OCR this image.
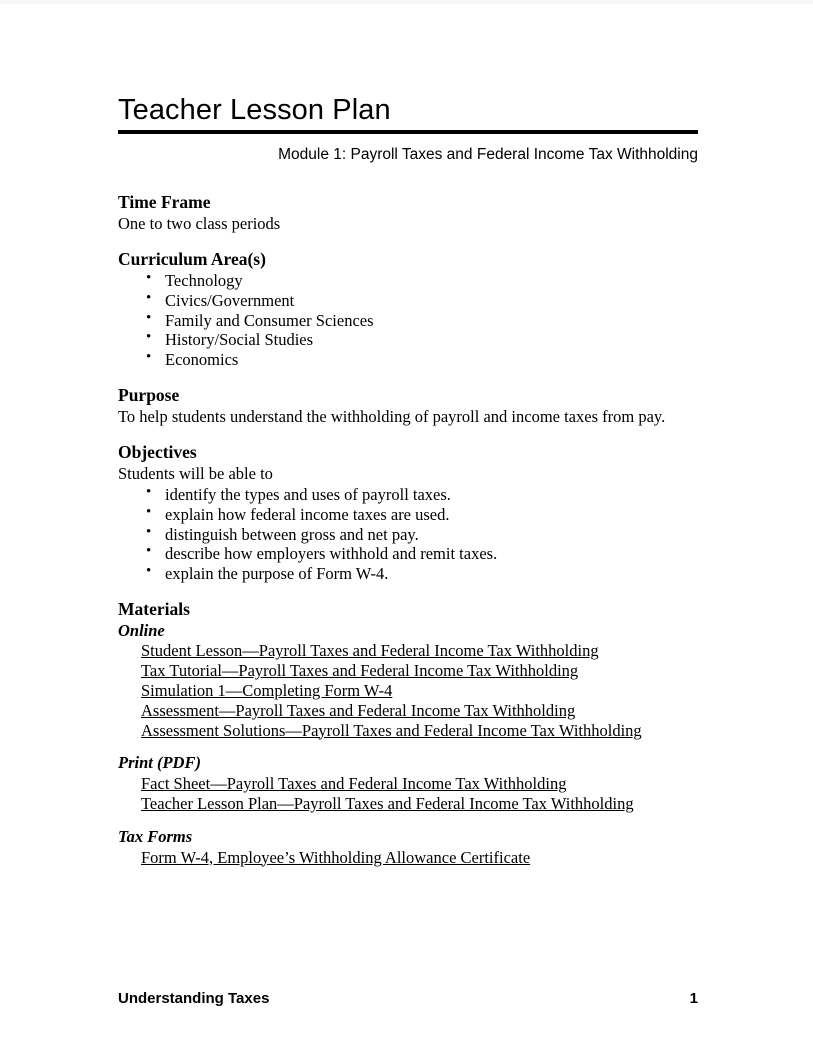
Teacher Lesson Plan
Module 1: Payroll Taxes and Federal Income Tax Withholding
Time Frame

One to two class periods

Curriculum Area(s)
• Technology
• Civics/Government
• Family and Consumer Sciences
• History/Social Studies
• Economics
Purpose

To help students understand the withholding of payroll and income taxes from pay.

Objectives

Students will be able to

• identify the types and uses of payroll taxes.
• explain how federal income taxes are used.
• distinguish between gross and net pay.
• describe how employers withhold and remit taxes.
• explain the purpose of Form W-4.
Materials
Online
Student Lesson—Payroll Taxes and Federal Income Tax Withholding
Tax Tutorial—Payroll Taxes and Federal Income Tax Withholding
Simulation 1—Completing Form W-4
Assessment—Payroll Taxes and Federal Income Tax Withholding
Assessment Solutions—Payroll Taxes and Federal Income Tax Withholding
Print (PDF)
Fact Sheet—Payroll Taxes and Federal Income Tax Withholding
Teacher Lesson Plan—Payroll Taxes and Federal Income Tax Withholding
Tax Forms
Form W-4, Employee’s Withholding Allowance Certificate
Understanding Taxes	1
